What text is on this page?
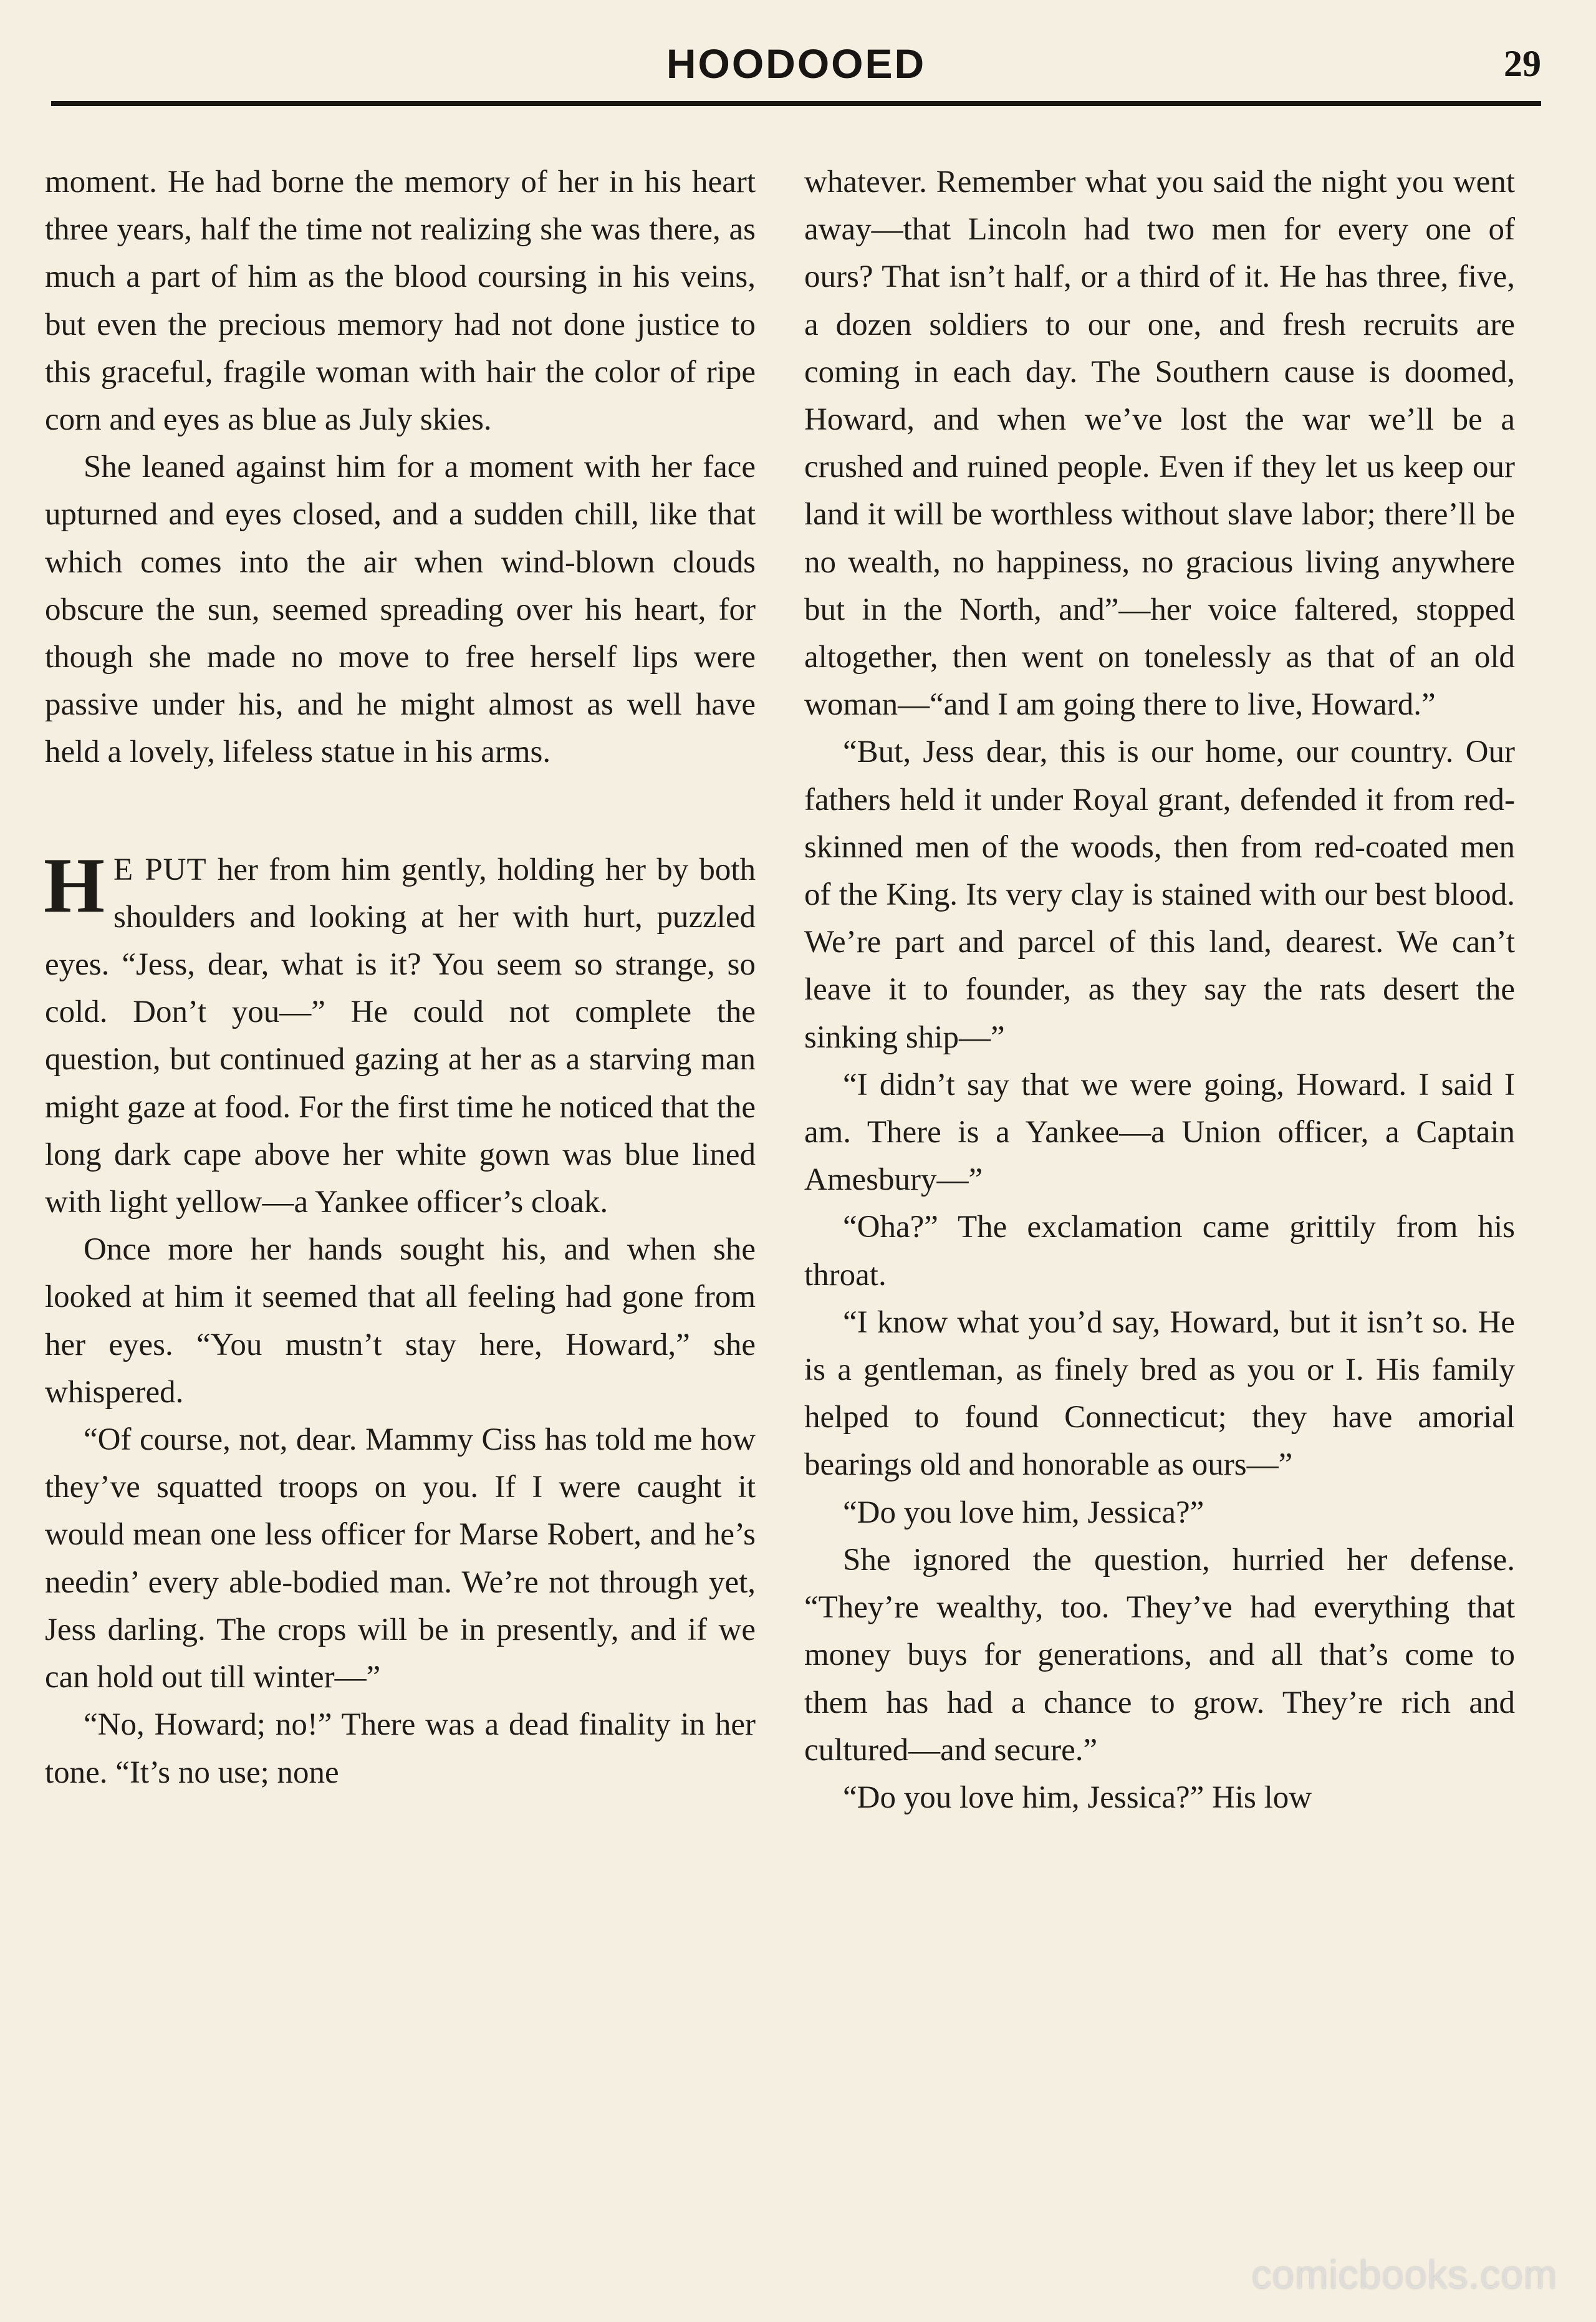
HOODOOED	29

moment. He had borne the memory of her in his heart three years, half the time not realizing she was there, as much a part of him as the blood coursing in his veins, but even the precious memory had not done justice to this graceful, fragile woman with hair the color of ripe corn and eyes as blue as July skies.

She leaned against him for a moment with her face upturned and eyes closed, and a sudden chill, like that which comes into the air when wind-blown clouds obscure the sun, seemed spreading over his heart, for though she made no move to free herself lips were passive under his, and he might almost as well have held a lovely, lifeless statue in his arms.

H E PUT her from him gently, holding her by both shoulders and looking at her with hurt, puzzled eyes. “Jess, dear, what is it? You seem so strange, so cold. Don’t you—” He could not complete the question, but continued gazing at her as a starving man might gaze at food. For the first time he noticed that the long dark cape above her white gown was blue lined with light yellow—a Yankee officer’s cloak.

Once more her hands sought his, and when she looked at him it seemed that all feeling had gone from her eyes. “You mustn’t stay here, Howard,” she whispered.

“Of course, not, dear. Mammy Ciss has told me how they’ve squatted troops on you. If I were caught it would mean one less officer for Marse Robert, and he’s needin’ every able-bodied man. We’re not through yet, Jess darling. The crops will be in presently, and if we can hold out till winter—”

“No, Howard; no!” There was a dead finality in her tone. “It’s no use; none

whatever. Remember what you said the night you went away—that Lincoln had two men for every one of ours? That isn’t half, or a third of it. He has three, five, a dozen soldiers to our one, and fresh recruits are coming in each day. The Southern cause is doomed, Howard, and when we’ve lost the war we’ll be a crushed and ruined people. Even if they let us keep our land it will be worthless without slave labor; there’ll be no wealth, no happiness, no gracious living anywhere but in the North, and”—her voice faltered, stopped altogether, then went on tonelessly as that of an old woman—“and I am going there to live, Howard.”

“But, Jess dear, this is our home, our country. Our fathers held it under Royal grant, defended it from red-skinned men of the woods, then from red-coated men of the King. Its very clay is stained with our best blood. We’re part and parcel of this land, dearest. We can’t leave it to founder, as they say the rats desert the sinking ship—”

“I didn’t say that we were going, Howard. I said I am. There is a Yankee—a Union officer, a Captain Amesbury—”

“Oha?” The exclamation came grittily from his throat.

“I know what you’d say, Howard, but it isn’t so. He is a gentleman, as finely bred as you or I. His family helped to found Connecticut; they have amorial bearings old and honorable as ours—”

“Do you love him, Jessica?”

She ignored the question, hurried her defense. “They’re wealthy, too. They’ve had everything that money buys for generations, and all that’s come to them has had a chance to grow. They’re rich and cultured—and secure.”

“Do you love him, Jessica?” His low

comicbooks.com
